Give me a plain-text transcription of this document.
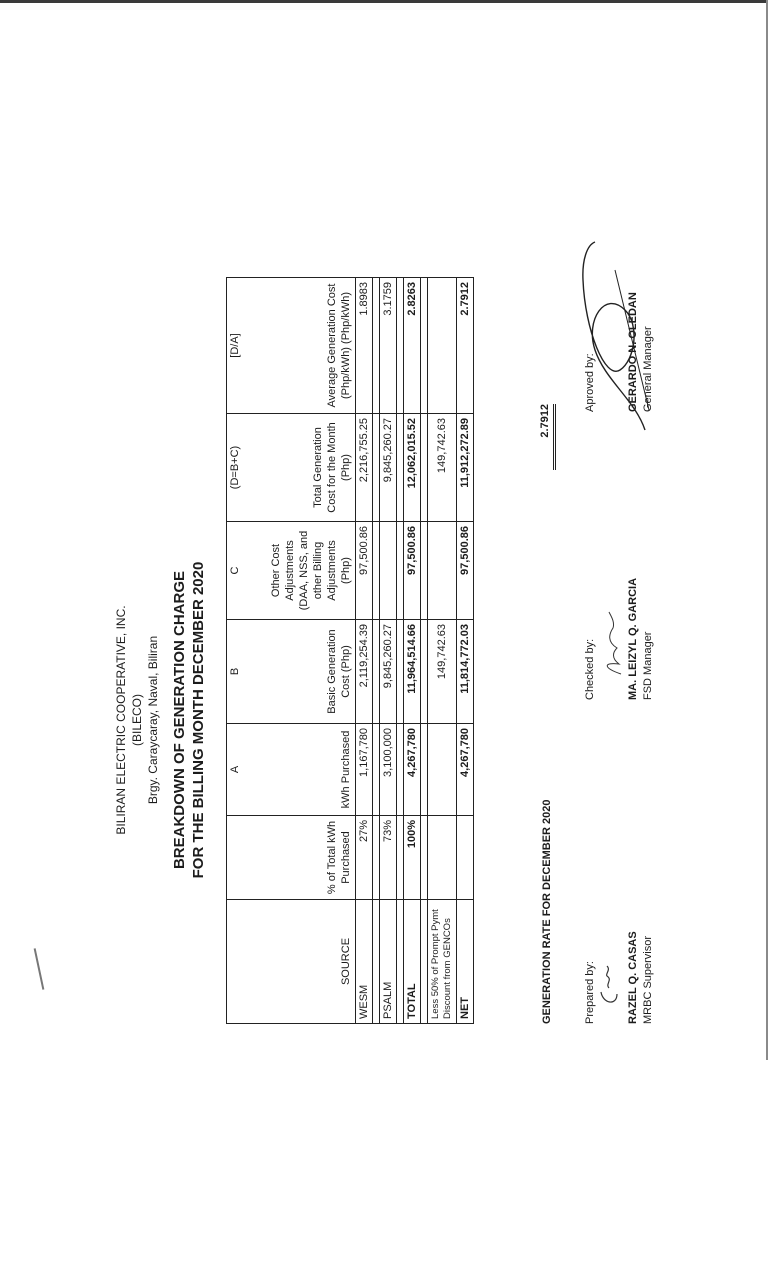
BILIRAN ELECTRIC COOPERATIVE, INC. (BILECO) Brgy. Caraycaray, Naval, Biliran BREAKDOWN OF GENERATION CHARGE FOR THE BILLING MONTH DECEMBER 2020
		A	B	C	(D=B+C)	[D/A]
SOURCE	% of Total kWh Purchased	kWh Purchased	Basic Generation Cost (Php)	Other Cost Adjustments (DAA, NSS, and other Billing Adjustments (Php)	Total Generation Cost for the Month (Php)	Average Generation Cost (Php/kWh) (Php/kWh)
WESM	27%	1,167,780	2,119,254.39	97,500.86	2,216,755.25	1.8983

PSALM	73%	3,100,000	9,845,260.27		9,845,260.27	3.1759

TOTAL	100%	4,267,780	11,964,514.66	97,500.86	12,062,015.52	2.8263

Less 50% of Prompt Pymt Discount from GENCOs			149,742.63		149,742.63	
NET		4,267,780	11,814,772.03	97,500.86	11,912,272.89	2.7912
GENERATION RATE FOR DECEMBER 2020
2.7912
Prepared by:	RAZEL Q. CASAS MRBC Supervisor
Checked by:	MA. LEIZYL Q. GARCIA FSD Manager
Aproved by:	GERARDO N. OLEDAN General Manager
